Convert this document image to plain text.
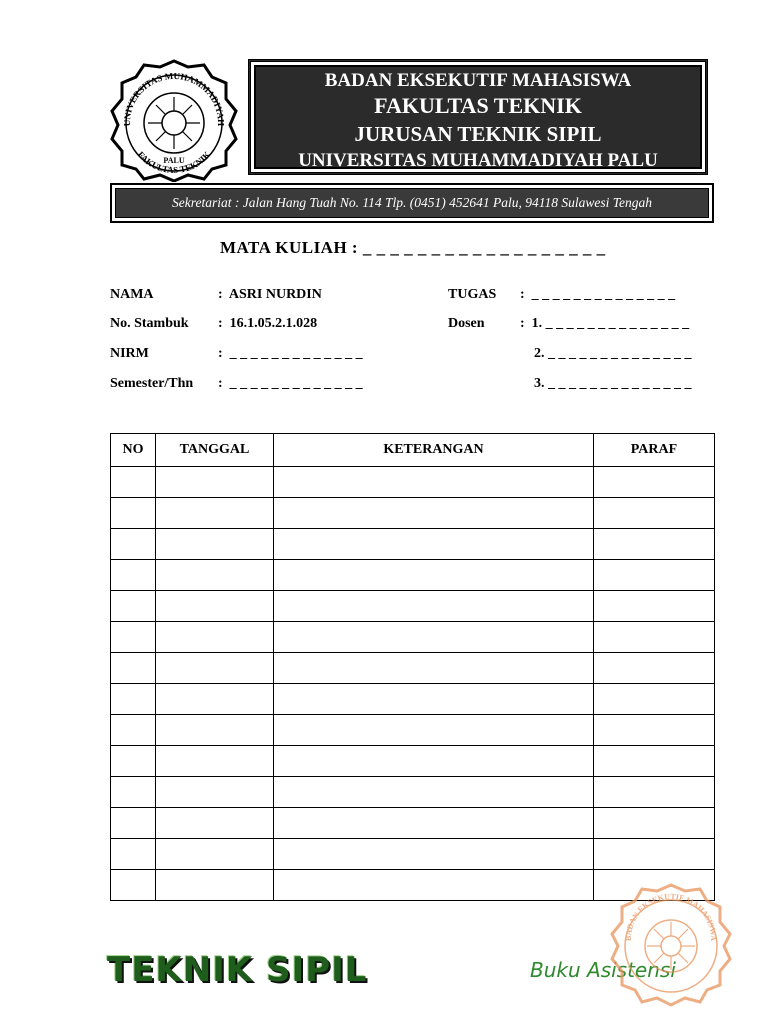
UNIVERSITAS MUHAMMADIYAH
FAKULTAS TEKNIK
PALU
BADAN EKSEKUTIF MAHASISWA
FAKULTAS TEKNIK
JURUSAN TEKNIK SIPIL
UNIVERSITAS MUHAMMADIYAH PALU
Sekretariat : Jalan Hang Tuah No. 114 Tlp. (0451) 452641 Palu, 94118 Sulawesi Tengah
MATA KULIAH : _ _ _ _ _ _ _ _ _ _ _ _ _ _ _ _ _ _
NAMA	:  ASRI NURDIN
No. Stambuk :  16.1.05.2.1.028
NIRM	:  _ _ _ _ _ _ _ _ _ _ _ _ _
Semester/Thn :  _ _ _ _ _ _ _ _ _ _ _ _ _
TUGAS :  _ _ _ _ _ _ _ _ _ _ _ _ _ _
Dosen	:  1. _ _ _ _ _ _ _ _ _ _ _ _ _ _
2. _ _ _ _ _ _ _ _ _ _ _ _ _ _
3. _ _ _ _ _ _ _ _ _ _ _ _ _ _
NO	TANGGAL	KETERANGAN	PARAF

TEKNIK SIPIL	Buku Asistensi
BADAN EKSEKUTIF MAHASISWA
